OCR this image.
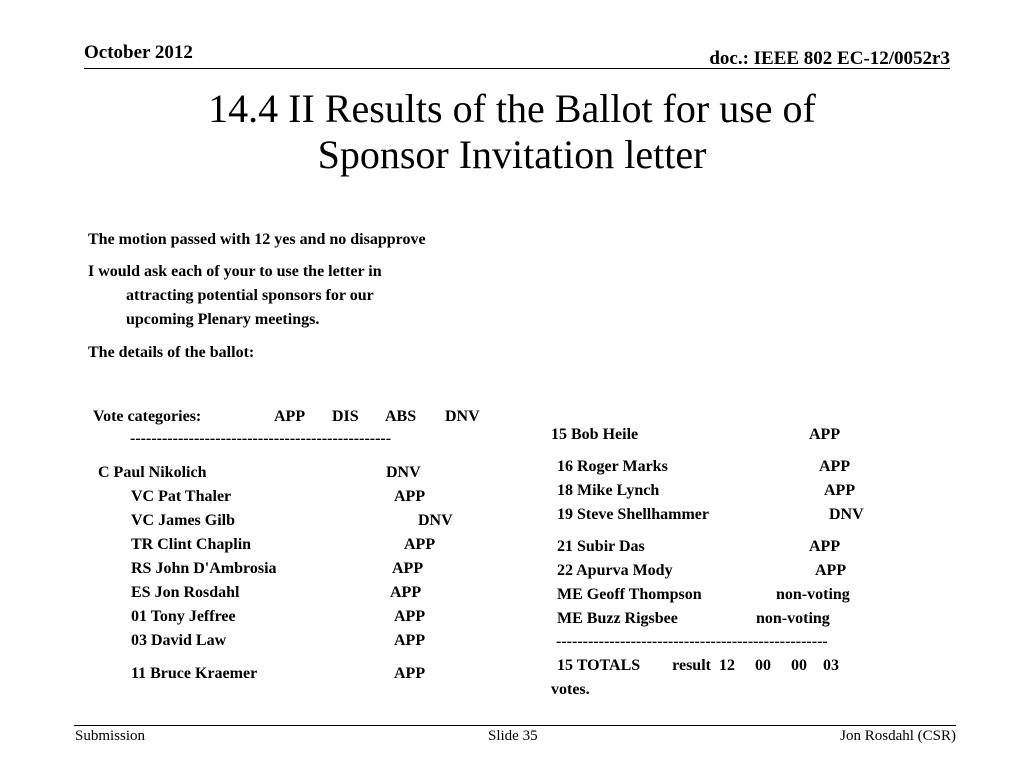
October 2012	doc.: IEEE 802 EC-12/0052r3
14.4 II Results of the Ballot for use of
Sponsor Invitation letter
The motion passed with 12 yes and no disapprove
I would ask each of your to use the letter in
attracting potential sponsors for our
upcoming Plenary meetings.
The details of the ballot:
Vote categories:	APP DIS ABS DNV
-------------------------------------------------
C Paul Nikolich	DNV
VC Pat Thaler	APP
VC James Gilb	DNV
TR Clint Chaplin	APP
RS John D'Ambrosia	APP
ES Jon Rosdahl	APP
01 Tony Jeffree	APP
03 David Law	APP
11 Bruce Kraemer	APP
15 Bob Heile	APP
16 Roger Marks	APP
18 Mike Lynch	APP
19 Steve Shellhammer	DNV
21 Subir Das	APP
22 Apurva Mody	APP
ME Geoff Thompson	non-voting
ME Buzz Rigsbee	non-voting
---------------------------------------------------
15 TOTALS        result  12     00     00    03
votes.
Submission	Slide 35	Jon Rosdahl (CSR)
